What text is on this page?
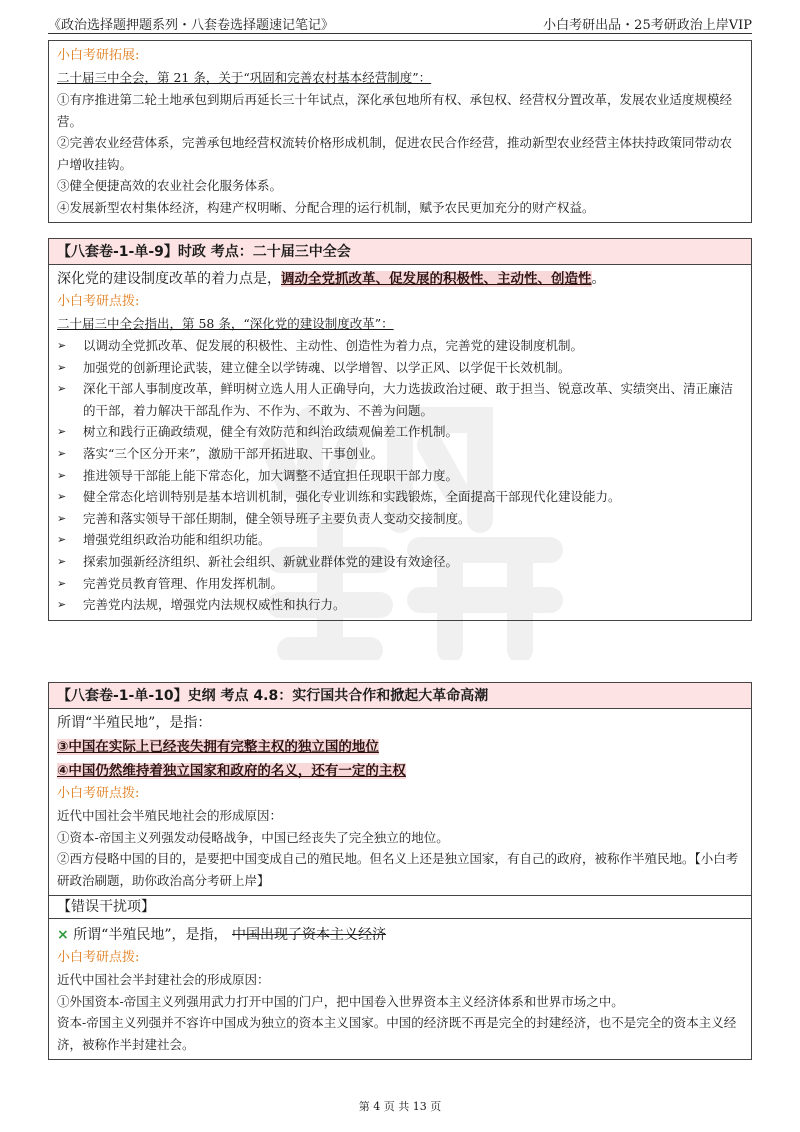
《政治选择题押题系列・八套卷选择题速记笔记》	小白考研出品・25考研政治上岸VIP
小白考研拓展:
二十届三中全会，第 21 条，关于“巩固和完善农村基本经营制度”：
①有序推进第二轮土地承包到期后再延长三十年试点，深化承包地所有权、承包权、经营权分置改革，发展农业适度规模经营。
②完善农业经营体系，完善承包地经营权流转价格形成机制，促进农民合作经营，推动新型农业经营主体扶持政策同带动农户增收挂钩。
③健全便捷高效的农业社会化服务体系。
④发展新型农村集体经济，构建产权明晰、分配合理的运行机制，赋予农民更加充分的财产权益。
【八套卷-1-单-9】时政 考点：二十届三中全会
深化党的建设制度改革的着力点是，调动全党抓改革、促发展的积极性、主动性、创造性。
小白考研点拨:
二十届三中全会指出，第 58 条，“深化党的建设制度改革”：
➢ 以调动全党抓改革、促发展的积极性、主动性、创造性为着力点，完善党的建设制度机制。
➢ 加强党的创新理论武装，建立健全以学铸魂、以学增智、以学正风、以学促干长效机制。
➢ 深化干部人事制度改革，鲜明树立选人用人正确导向，大力选拔政治过硬、敢于担当、锐意改革、实绩突出、清正廉洁的干部，着力解决干部乱作为、不作为、不敢为、不善为问题。
➢ 树立和践行正确政绩观，健全有效防范和纠治政绩观偏差工作机制。
➢ 落实“三个区分开来”，激励干部开拓进取、干事创业。
➢ 推进领导干部能上能下常态化，加大调整不适宜担任现职干部力度。
➢ 健全常态化培训特别是基本培训机制，强化专业训练和实践锻炼，全面提高干部现代化建设能力。
➢ 完善和落实领导干部任期制，健全领导班子主要负责人变动交接制度。
➢ 增强党组织政治功能和组织功能。
➢ 探索加强新经济组织、新社会组织、新就业群体党的建设有效途径。
➢ 完善党员教育管理、作用发挥机制。
➢ 完善党内法规，增强党内法规权威性和执行力。
【八套卷-1-单-10】史纲 考点 4.8：实行国共合作和掀起大革命高潮
所谓“半殖民地”，是指：
③中国在实际上已经丧失拥有完整主权的独立国的地位
④中国仍然维持着独立国家和政府的名义，还有一定的主权
小白考研点拨:
近代中国社会半殖民地社会的形成原因：
①资本-帝国主义列强发动侵略战争，中国已经丧失了完全独立的地位。
②西方侵略中国的目的，是要把中国变成自己的殖民地。但名义上还是独立国家，有自己的政府，被称作半殖民地。【小白考研政治刷题，助你政治高分考研上岸】
【错误干扰项】
× 所谓“半殖民地”，是指， 中国出现了资本主义经济
小白考研点拨:
近代中国社会半封建社会的形成原因：
①外国资本-帝国主义列强用武力打开中国的门户，把中国卷入世界资本主义经济体系和世界市场之中。
资本-帝国主义列强并不容许中国成为独立的资本主义国家。中国的经济既不再是完全的封建经济，也不是完全的资本主义经济，被称作半封建社会。
第 4 页 共 13 页
